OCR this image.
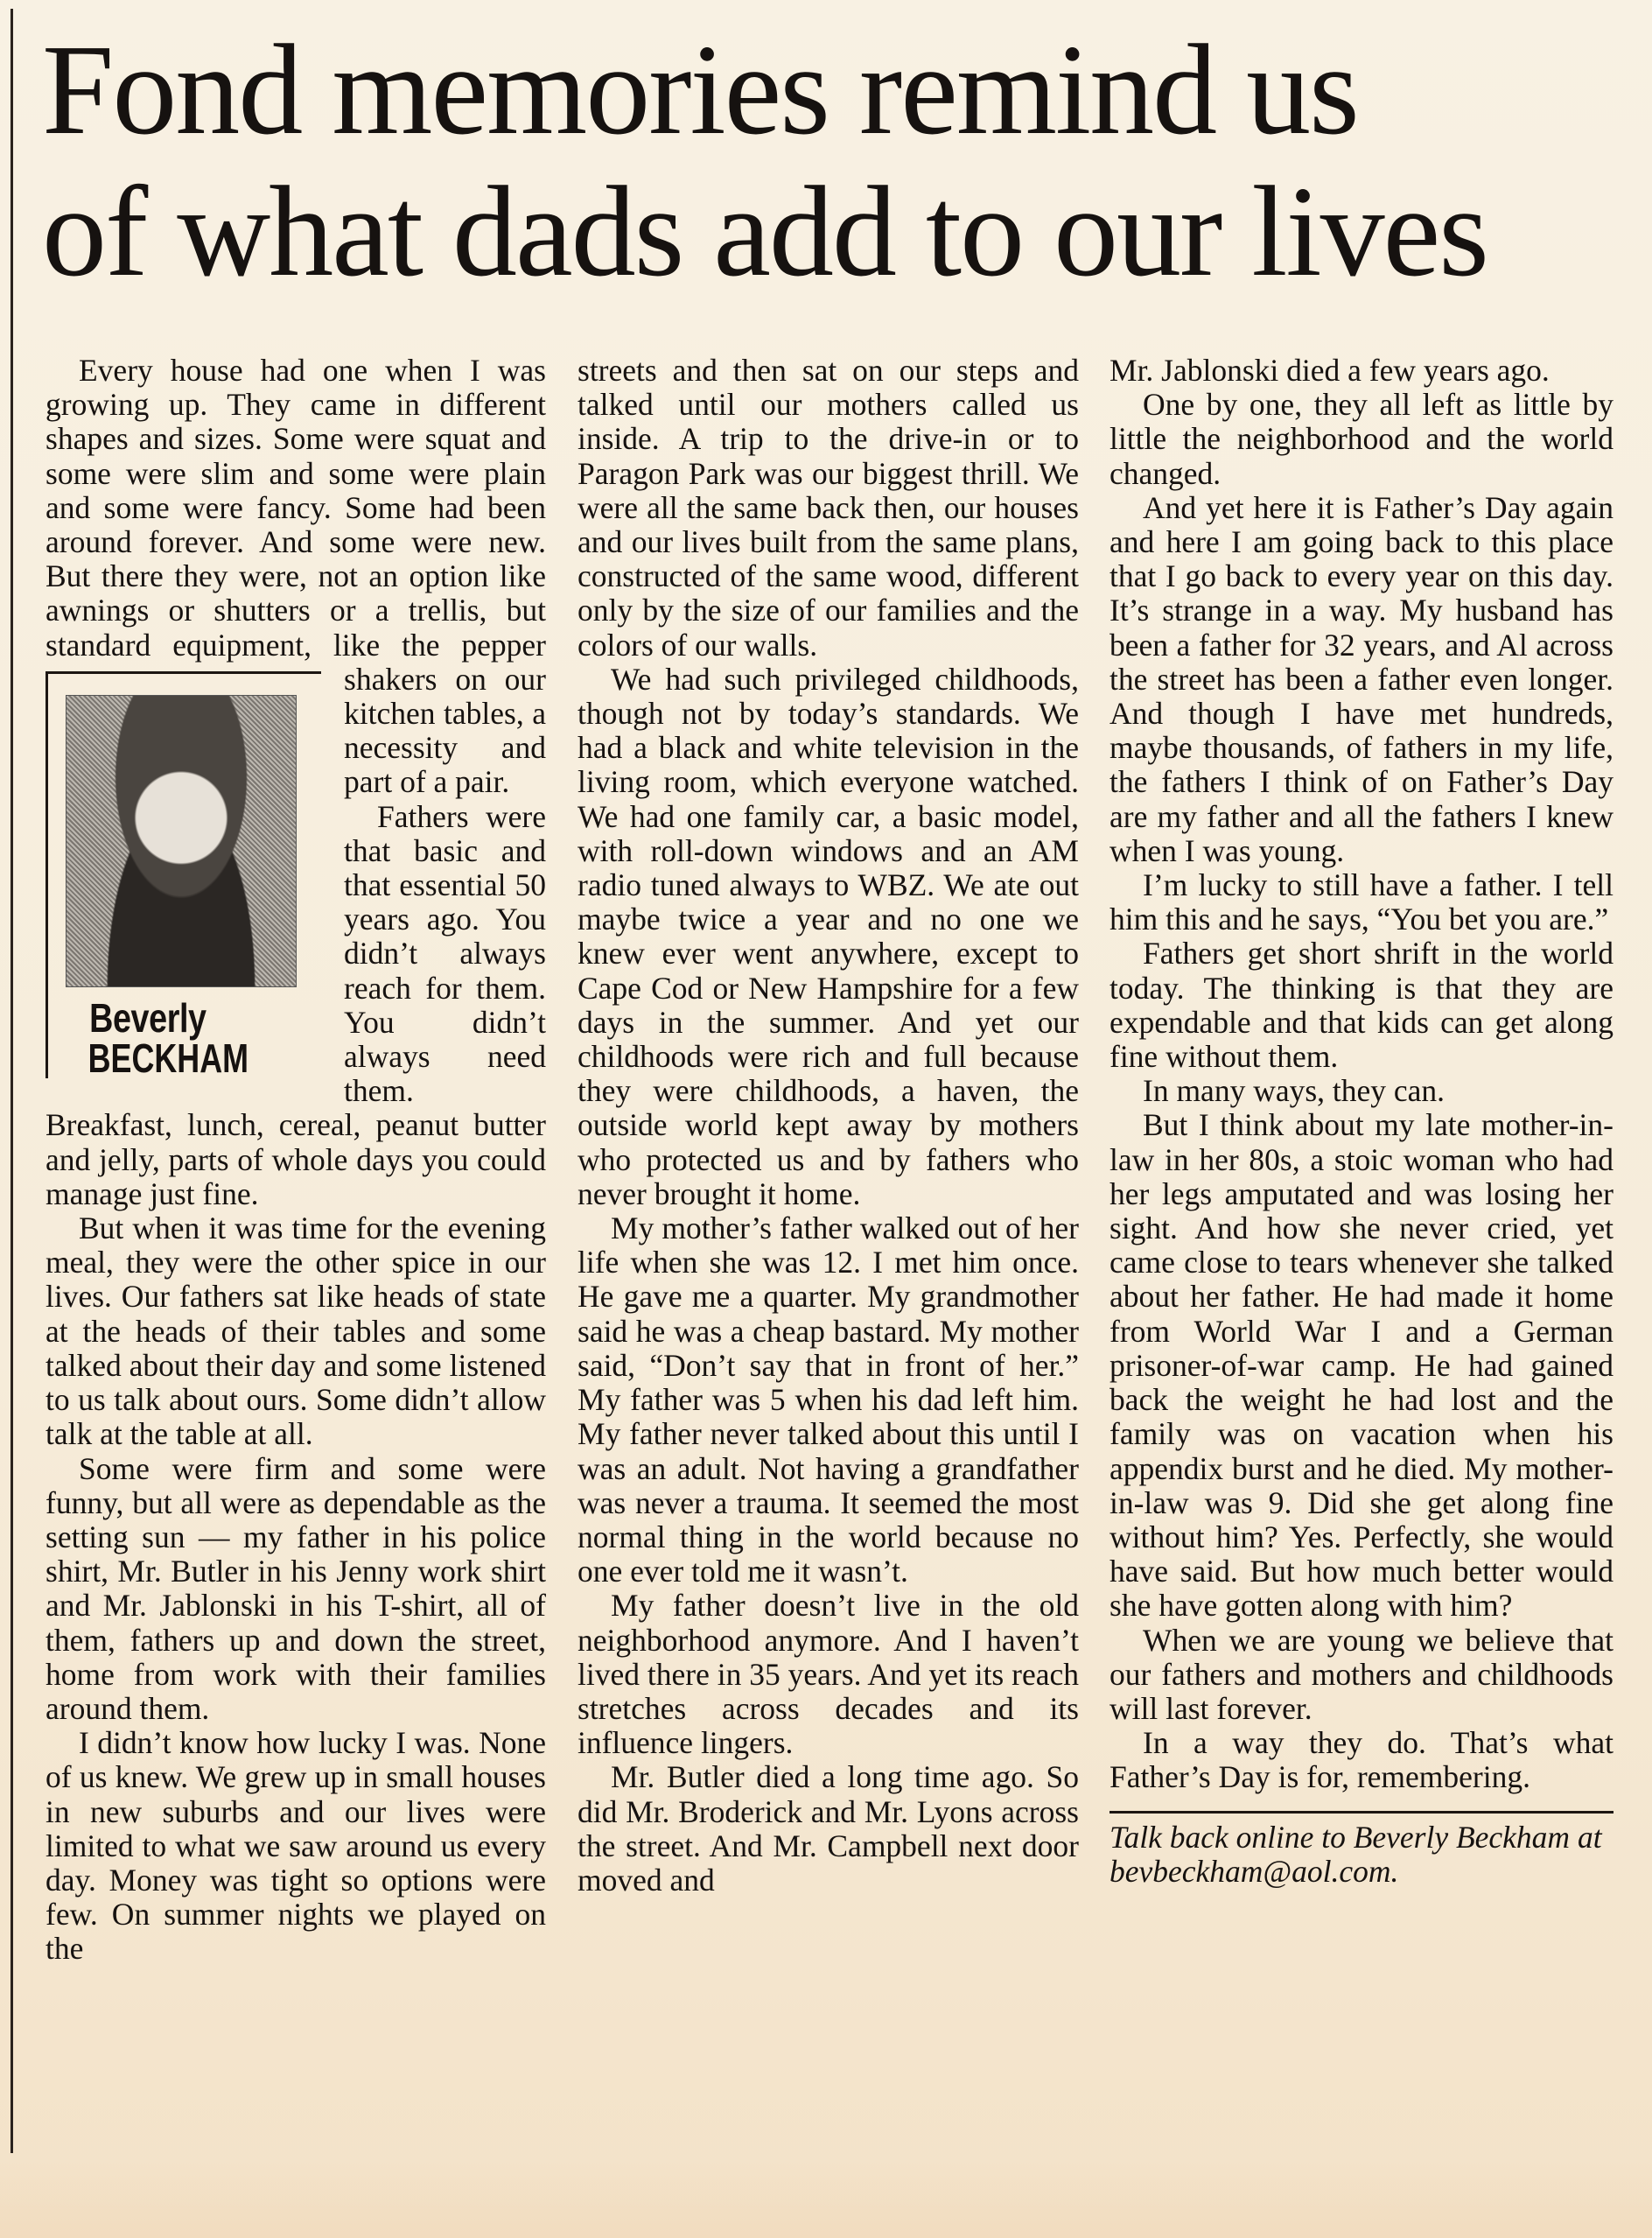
Fond memories remind us
of what dads add to our lives

Every house had one when I was growing up. They came in different shapes and sizes. Some were squat and some were slim and some were plain and some were fancy. Some had been around forever. And some were new. But there they were, not an option like awnings or shutters or a trellis, but standard equipment,
Beverly
BECKHAM
like the pepper shakers on our kitchen tables, a necessity and part of a pair.

Fathers were that basic and that essential 50 years ago. You didn’t always reach for them. You didn’t always need them. Breakfast, lunch, cereal, peanut butter and jelly, parts of whole days you could manage just fine.

But when it was time for the evening meal, they were the other spice in our lives. Our fathers sat like heads of state at the heads of their tables and some talked about their day and some listened to us talk about ours. Some didn’t allow talk at the table at all.

Some were firm and some were funny, but all were as dependable as the setting sun — my father in his police shirt, Mr. Butler in his Jenny work shirt and Mr. Jablonski in his T-shirt, all of them, fathers up and down the street, home from work with their families around them.

I didn’t know how lucky I was. None of us knew. We grew up in small houses in new suburbs and our lives were limited to what we saw around us every day. Money was tight so options were few. On summer nights we played on the

streets and then sat on our steps and talked until our mothers called us inside. A trip to the drive-in or to Paragon Park was our biggest thrill. We were all the same back then, our houses and our lives built from the same plans, constructed of the same wood, different only by the size of our families and the colors of our walls.

We had such privileged childhoods, though not by today’s standards. We had a black and white television in the living room, which everyone watched. We had one family car, a basic model, with roll-down windows and an AM radio tuned always to WBZ. We ate out maybe twice a year and no one we knew ever went anywhere, except to Cape Cod or New Hampshire for a few days in the summer. And yet our childhoods were rich and full because they were childhoods, a haven, the outside world kept away by mothers who protected us and by fathers who never brought it home.

My mother’s father walked out of her life when she was 12. I met him once. He gave me a quarter. My grandmother said he was a cheap bastard. My mother said, “Don’t say that in front of her.” My father was 5 when his dad left him. My father never talked about this until I was an adult. Not having a grandfather was never a trauma. It seemed the most normal thing in the world because no one ever told me it wasn’t.

My father doesn’t live in the old neighborhood anymore. And I haven’t lived there in 35 years. And yet its reach stretches across decades and its influence lingers.

Mr. Butler died a long time ago. So did Mr. Broderick and Mr. Lyons across the street. And Mr. Campbell next door moved and

Mr. Jablonski died a few years ago.

One by one, they all left as little by little the neighborhood and the world changed.

And yet here it is Father’s Day again and here I am going back to this place that I go back to every year on this day. It’s strange in a way. My husband has been a father for 32 years, and Al across the street has been a father even longer. And though I have met hundreds, maybe thousands, of fathers in my life, the fathers I think of on Father’s Day are my father and all the fathers I knew when I was young.

I’m lucky to still have a father. I tell him this and he says, “You bet you are.”

Fathers get short shrift in the world today. The thinking is that they are expendable and that kids can get along fine without them.

In many ways, they can.

But I think about my late mother-in-law in her 80s, a stoic woman who had her legs amputated and was losing her sight. And how she never cried, yet came close to tears whenever she talked about her father. He had made it home from World War I and a German prisoner-of-war camp. He had gained back the weight he had lost and the family was on vacation when his appendix burst and he died. My mother-in-law was 9. Did she get along fine without him? Yes. Perfectly, she would have said. But how much better would she have gotten along with him?

When we are young we believe that our fathers and mothers and childhoods will last forever.

In a way they do. That’s what Father’s Day is for, remembering.

Talk back online to Beverly Beckham at bevbeckham@aol.com.
